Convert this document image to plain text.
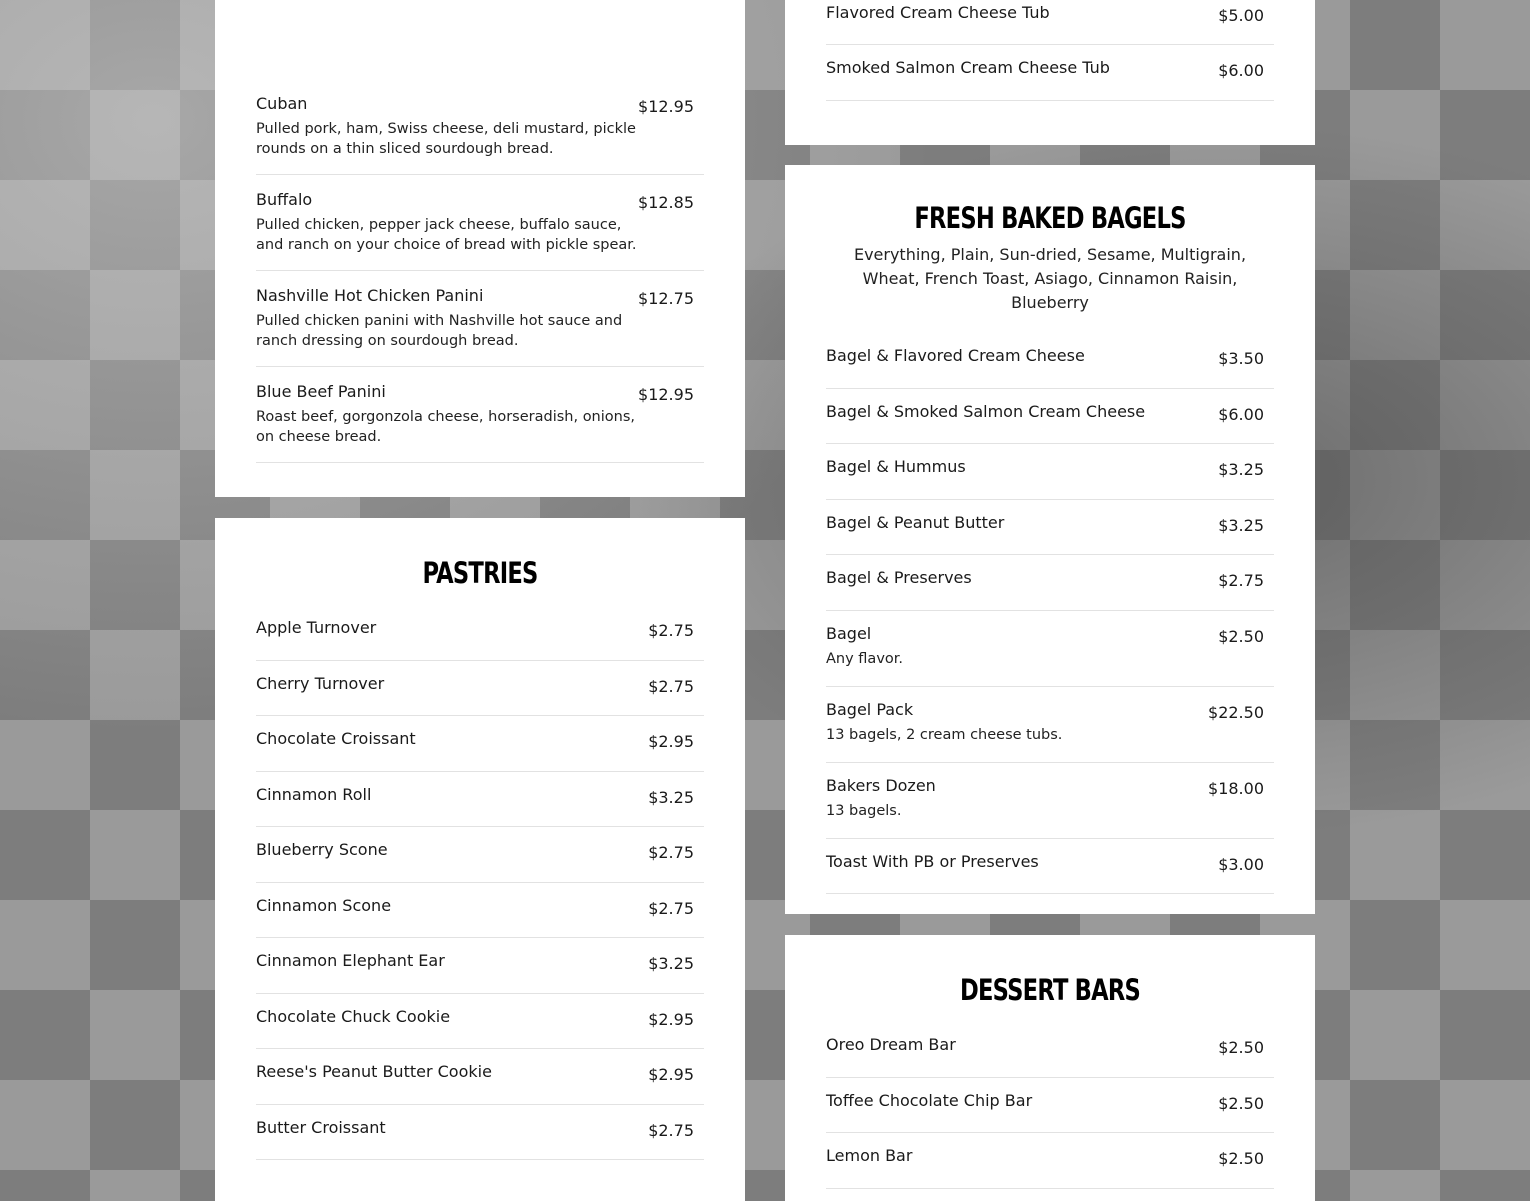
Cuban
Pulled pork, ham, Swiss cheese, deli mustard, pickle rounds on a thin sliced sourdough bread.
$12.95
Buffalo
Pulled chicken, pepper jack cheese, buffalo sauce, and ranch on your choice of bread with pickle spear.
$12.85
Nashville Hot Chicken Panini
Pulled chicken panini with Nashville hot sauce and ranch dressing on sourdough bread.
$12.75
Blue Beef Panini
Roast beef, gorgonzola cheese, horseradish, onions, on cheese bread.
$12.95
PASTRIES
Apple Turnover	$2.75
Cherry Turnover	$2.75
Chocolate Croissant	$2.95
Cinnamon Roll	$3.25
Blueberry Scone	$2.75
Cinnamon Scone	$2.75
Cinnamon Elephant Ear	$3.25
Chocolate Chuck Cookie	$2.95
Reese's Peanut Butter Cookie	$2.95
Butter Croissant	$2.75
Flavored Cream Cheese Tub	$5.00
Smoked Salmon Cream Cheese Tub	$6.00
FRESH BAKED BAGELS
Everything, Plain, Sun-dried, Sesame, Multigrain, Wheat, French Toast, Asiago, Cinnamon Raisin, Blueberry
Bagel & Flavored Cream Cheese	$3.50
Bagel & Smoked Salmon Cream Cheese	$6.00
Bagel & Hummus	$3.25
Bagel & Peanut Butter	$3.25
Bagel & Preserves	$2.75
Bagel
Any flavor.
$2.50
Bagel Pack
13 bagels, 2 cream cheese tubs.
$22.50
Bakers Dozen
13 bagels.
$18.00
Toast With PB or Preserves	$3.00
DESSERT BARS
Oreo Dream Bar	$2.50
Toffee Chocolate Chip Bar	$2.50
Lemon Bar	$2.50
